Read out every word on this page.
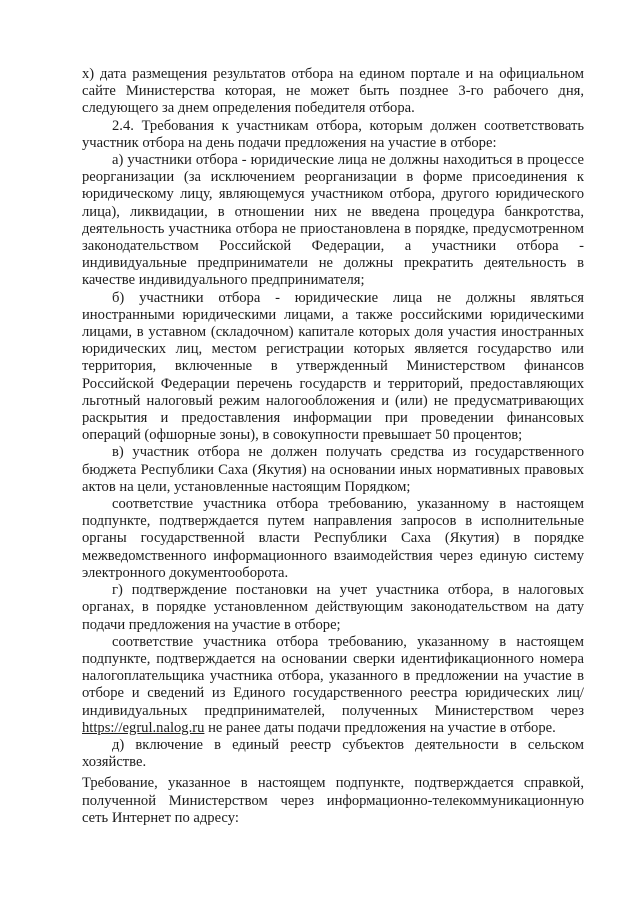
х) дата размещения результатов отбора на едином портале и на официальном сайте Министерства которая, не может быть позднее 3-го рабочего дня, следующего за днем определения победителя отбора.

2.4. Требования к участникам отбора, которым должен соответствовать участник отбора на день подачи предложения на участие в отборе:

а) участники отбора - юридические лица не должны находиться в процессе реорганизации (за исключением реорганизации в форме присоединения к юридическому лицу, являющемуся участником отбора, другого юридического лица), ликвидации, в отношении них не введена процедура банкротства, деятельность участника отбора не приостановлена в порядке, предусмотренном законодательством Российской Федерации, а участники отбора - индивидуальные предприниматели не должны прекратить деятельность в качестве индивидуального предпринимателя;

б) участники отбора - юридические лица не должны являться иностранными юридическими лицами, а также российскими юридическими лицами, в уставном (складочном) капитале которых доля участия иностранных юридических лиц, местом регистрации которых является государство или территория, включенные в утвержденный Министерством финансов Российской Федерации перечень государств и территорий, предоставляющих льготный налоговый режим налогообложения и (или) не предусматривающих раскрытия и предоставления информации при проведении финансовых операций (офшорные зоны), в совокупности превышает 50 процентов;

в) участник отбора не должен получать средства из государственного бюджета Республики Саха (Якутия) на основании иных нормативных правовых актов на цели, установленные настоящим Порядком;

соответствие участника отбора требованию, указанному в настоящем подпункте, подтверждается путем направления запросов в исполнительные органы государственной власти Республики Саха (Якутия) в порядке межведомственного информационного взаимодействия через единую систему электронного документооборота.

г) подтверждение постановки на учет участника отбора, в налоговых органах, в порядке установленном действующим законодательством на дату подачи предложения на участие в отборе;

соответствие участника отбора требованию, указанному в настоящем подпункте, подтверждается на основании сверки идентификационного номера налогоплательщика участника отбора, указанного в предложении на участие в отборе и сведений из Единого государственного реестра юридических лиц/индивидуальных предпринимателей, полученных Министерством через https://egrul.nalog.ru не ранее даты подачи предложения на участие в отборе.

д) включение в единый реестр субъектов деятельности в сельском хозяйстве.

Требование, указанное в настоящем подпункте, подтверждается справкой, полученной Министерством через информационно-телекоммуникационную сеть Интернет по адресу:
